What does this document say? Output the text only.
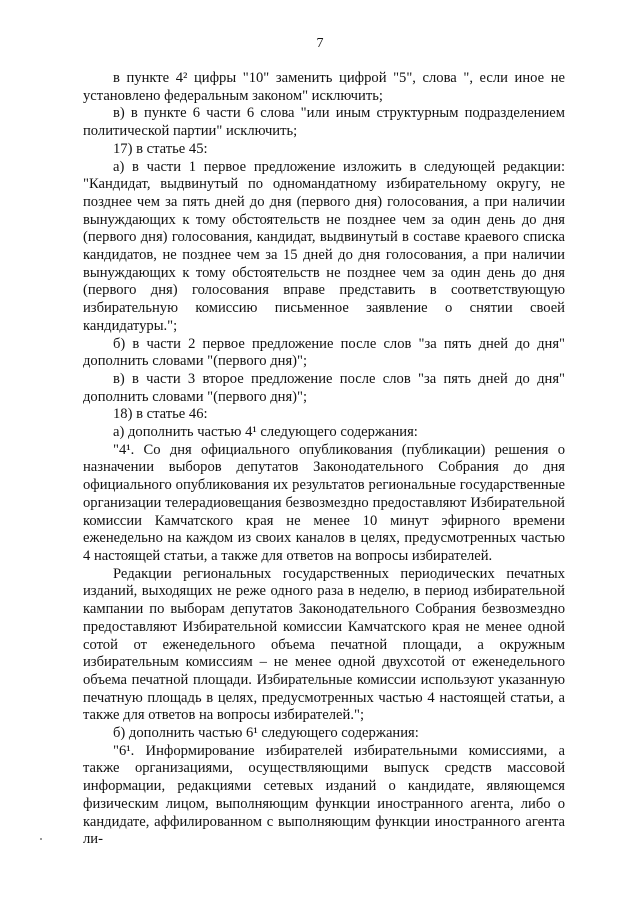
7

в пункте 4² цифры "10" заменить цифрой "5", слова ", если иное не установлено федеральным законом" исключить;

в) в пункте 6 части 6 слова "или иным структурным подразделением политической партии" исключить;

17) в статье 45:

а) в части 1 первое предложение изложить в следующей редакции: "Кандидат, выдвинутый по одномандатному избирательному округу, не позднее чем за пять дней до дня (первого дня) голосования, а при наличии вынуждающих к тому обстоятельств не позднее чем за один день до дня (первого дня) голосования, кандидат, выдвинутый в составе краевого списка кандидатов, не позднее чем за 15 дней до дня голосования, а при наличии вынуждающих к тому обстоятельств не позднее чем за один день до дня (первого дня) голосования вправе представить в соответствующую избирательную комиссию письменное заявление о снятии своей кандидатуры.";

б) в части 2 первое предложение после слов "за пять дней до дня" дополнить словами "(первого дня)";

в) в части 3 второе предложение после слов "за пять дней до дня" дополнить словами "(первого дня)";

18) в статье 46:

а) дополнить частью 4¹ следующего содержания:

"4¹. Со дня официального опубликования (публикации) решения о назначении выборов депутатов Законодательного Собрания до дня официального опубликования их результатов региональные государственные организации телерадиовещания безвозмездно предоставляют Избирательной комиссии Камчатского края не менее 10 минут эфирного времени еженедельно на каждом из своих каналов в целях, предусмотренных частью 4 настоящей статьи, а также для ответов на вопросы избирателей.

Редакции региональных государственных периодических печатных изданий, выходящих не реже одного раза в неделю, в период избирательной кампании по выборам депутатов Законодательного Собрания безвозмездно предоставляют Избирательной комиссии Камчатского края не менее одной сотой от еженедельного объема печатной площади, а окружным избирательным комиссиям – не менее одной двухсотой от еженедельного объема печатной площади. Избирательные комиссии используют указанную печатную площадь в целях, предусмотренных частью 4 настоящей статьи, а также для ответов на вопросы избирателей.";

б) дополнить частью 6¹ следующего содержания:

"6¹. Информирование избирателей избирательными комиссиями, а также организациями, осуществляющими выпуск средств массовой информации, редакциями сетевых изданий о кандидате, являющемся физическим лицом, выполняющим функции иностранного агента, либо о кандидате, аффилированном с выполняющим функции иностранного агента ли-
